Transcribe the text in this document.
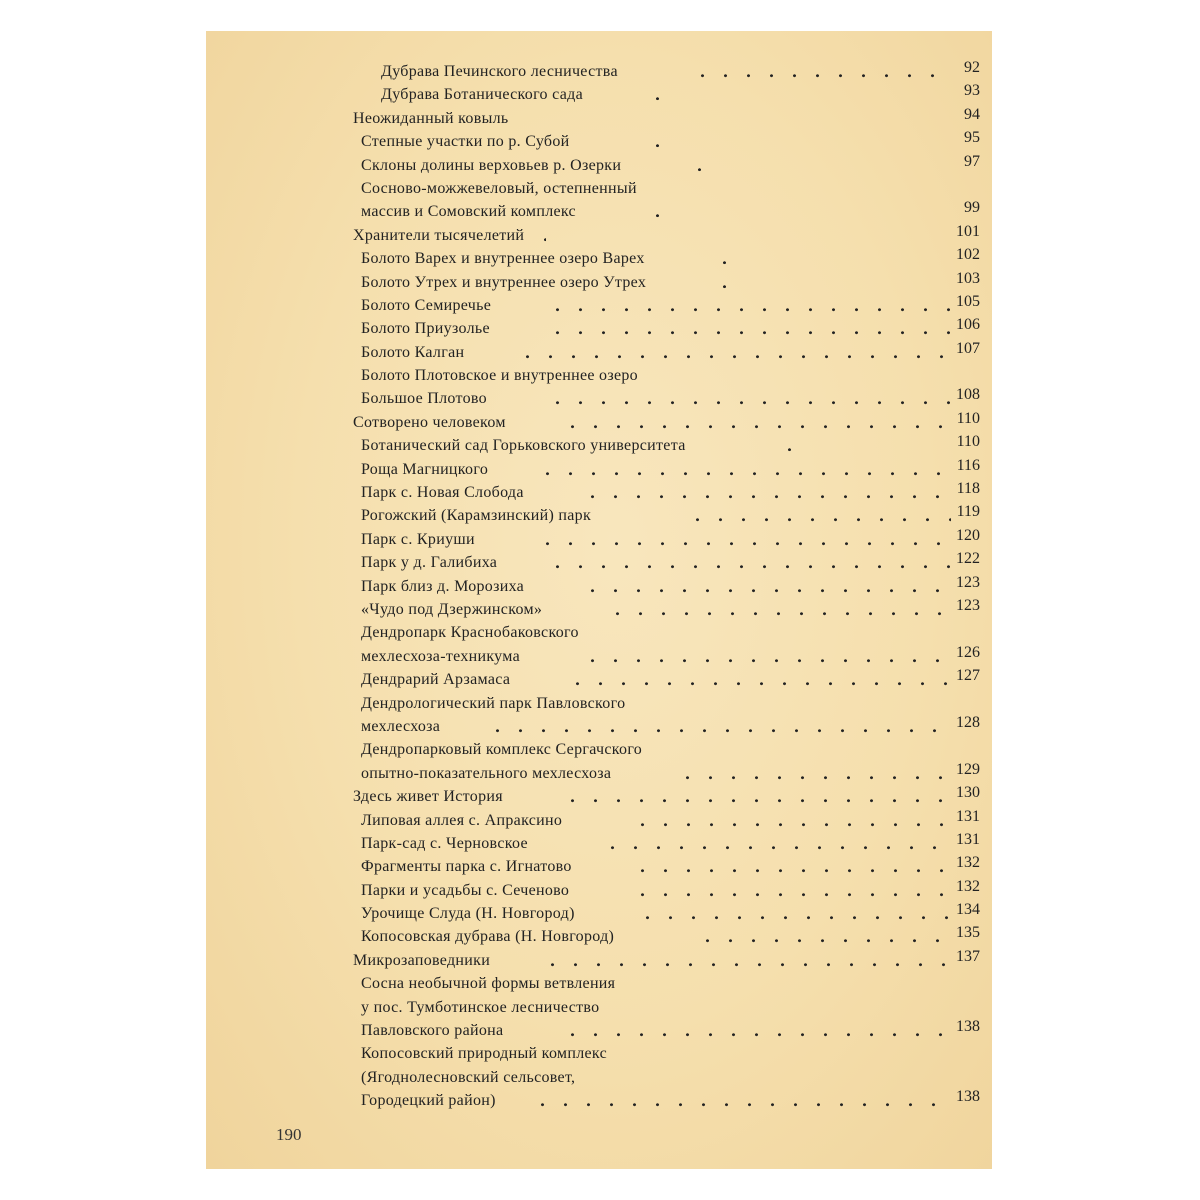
Дубрава Печинского лесничества	92
Дубрава Ботанического сада	93
Неожиданный ковыль	94
Степные участки по р. Субой	95
Склоны долины верховьев р. Озерки	97
Сосново-можжевеловый, остепненный
массив и Сомовский комплекс	99
Хранители тысячелетий	101
Болото Варех и внутреннее озеро Варех	102
Болото Утрех и внутреннее озеро Утрех	103
Болото Семиречье	105
Болото Приузолье	106
Болото Калган	107
Болото Плотовское и внутреннее озеро
Большое Плотово	108
Сотворено человеком	110
Ботанический сад Горьковского университета	110
Роща Магницкого	116
Парк с. Новая Слобода	118
Рогожский (Карамзинский) парк	119
Парк с. Криуши	120
Парк у д. Галибиха	122
Парк близ д. Морозиха	123
«Чудо под Дзержинском»	123
Дендропарк Краснобаковского
мехлесхоза-техникума	126
Дендрарий Арзамаса	127
Дендрологический парк Павловского
мехлесхоза	128
Дендропарковый комплекс Сергачского
опытно-показательного мехлесхоза	129
Здесь живет История	130
Липовая аллея с. Апраксино	131
Парк-сад с. Черновское	131
Фрагменты парка с. Игнатово	132
Парки и усадьбы с. Сеченово	132
Урочище Слуда (Н. Новгород)	134
Копосовская дубрава (Н. Новгород)	135
Микрозаповедники	137
Сосна необычной формы ветвления
у пос. Тумботинское лесничество
Павловского района	138
Копосовский природный комплекс
(Ягоднолесновский сельсовет,
Городецкий район)	138
190
